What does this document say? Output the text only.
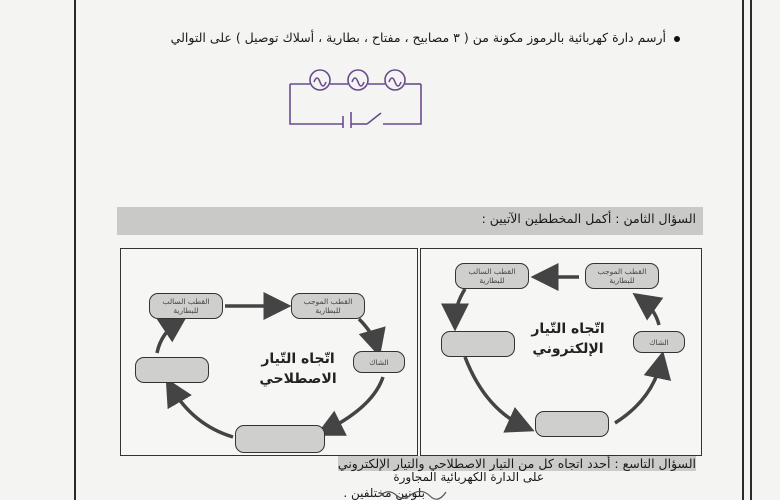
أرسم دارة كهربائية بالرموز مكونة من ( ٣ مصابيح ، مفتاح ، بطارية ، أسلاك توصيل ) على التوالي
السؤال الثامن : أكمل المخططين الآتيين :
القطب السالب للبطارية
القطب الموجب للبطارية
الشاك
اتّجاه التّيار
الاصطلاحي
القطب السالب للبطارية
القطب الموجب للبطارية
الشاك
اتّجاه التّيار
الإلكتروني
السؤال التاسع : أحدد اتجاه كل من التيار الاصطلاحي والتيار الإلكتروني
على الدارة الكهربائية المجاورة
بلونين مختلفين .
